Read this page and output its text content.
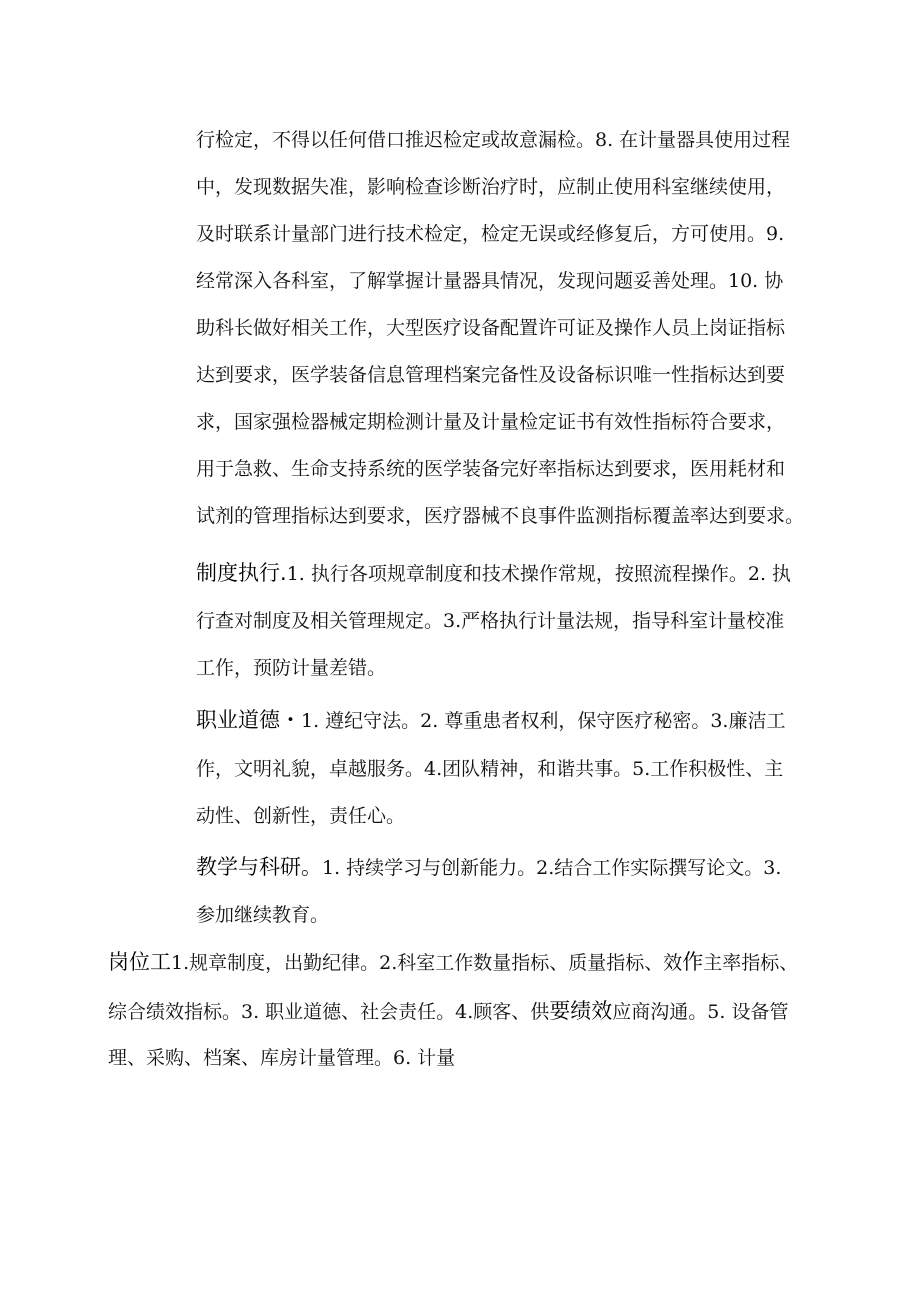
行检定，不得以任何借口推迟检定或故意漏检。8. 在计量器具使用过程
中，发现数据失准，影响检查诊断治疗时，应制止使用科室继续使用，
及时联系计量部门进行技术检定，检定无误或经修复后，方可使用。9.
经常深入各科室，了解掌握计量器具情况，发现问题妥善处理。10. 协
助科长做好相关工作，大型医疗设备配置许可证及操作人员上岗证指标
达到要求，医学装备信息管理档案完备性及设备标识唯一性指标达到要
求，国家强检器械定期检测计量及计量检定证书有效性指标符合要求，
用于急救、生命支持系统的医学装备完好率指标达到要求，医用耗材和
试剂的管理指标达到要求，医疗器械不良事件监测指标覆盖率达到要求。
制度执行.1. 执行各项规章制度和技术操作常规，按照流程操作。2. 执
行查对制度及相关管理规定。3.严格执行计量法规，指导科室计量校准
工作，预防计量差错。
职业道德・1. 遵纪守法。2. 尊重患者权利，保守医疗秘密。3.廉洁工
作，文明礼貌，卓越服务。4.团队精神，和谐共事。5.工作积极性、主
动性、创新性，责任心。
教学与科研。1. 持续学习与创新能力。2.结合工作实际撰写论文。3.
参加继续教育。
岗位工1.规章制度，出勤纪律。2.科室工作数量指标、质量指标、效作主率指标、
综合绩效指标。3. 职业道德、社会责任。4.顾客、供要绩效应商沟通。5. 设备管
理、采购、档案、库房计量管理。6. 计量
